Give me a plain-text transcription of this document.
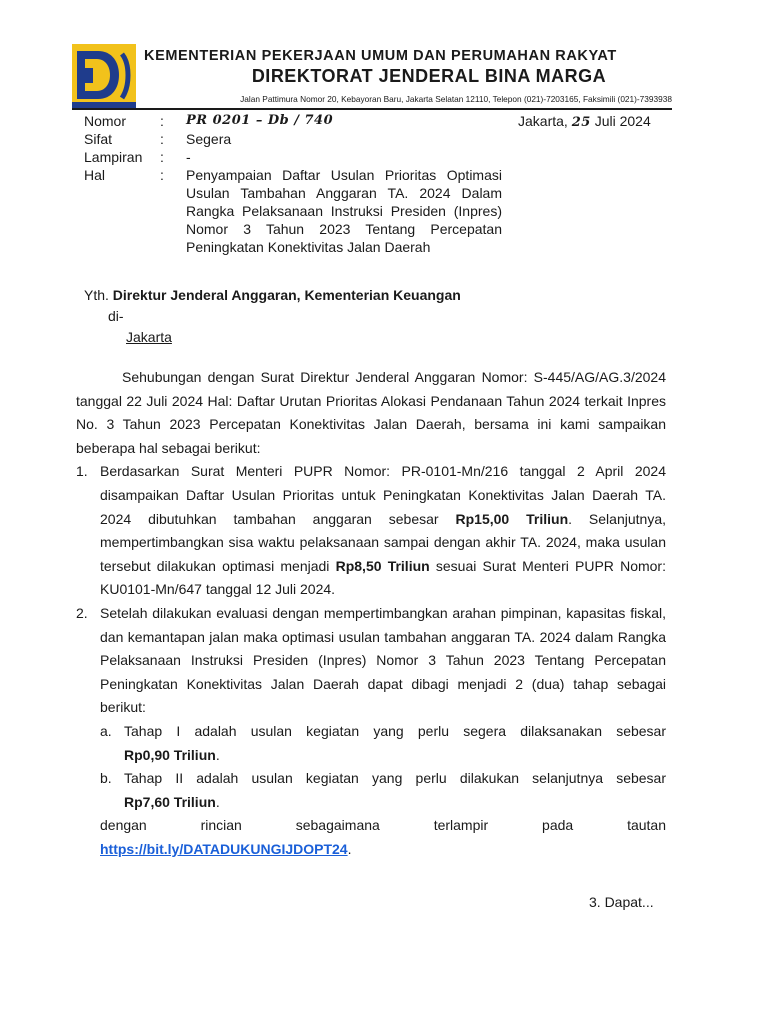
KEMENTERIAN PEKERJAAN UMUM DAN PERUMAHAN RAKYAT
DIREKTORAT JENDERAL BINA MARGA
Jalan Pattimura Nomor 20, Kebayoran Baru, Jakarta Selatan 12110, Telepon (021)-7203165, Faksimili (021)-7393938
Nomor	:	PR 0201 – Db / 740
Sifat	:	Segera
Lampiran	:	-
Hal	:	Penyampaian Daftar Usulan Prioritas Optimasi
Usulan Tambahan Anggaran TA. 2024 Dalam
Rangka Pelaksanaan Instruksi Presiden (Inpres)
Nomor 3 Tahun 2023 Tentang Percepatan
Peningkatan Konektivitas Jalan Daerah
Jakarta, 25 Juli 2024
Yth. Direktur Jenderal Anggaran, Kementerian Keuangan
di-
Jakarta
Sehubungan dengan Surat Direktur Jenderal Anggaran Nomor: S-445/AG/AG.3/2024 tanggal 22 Juli 2024 Hal: Daftar Urutan Prioritas Alokasi Pendanaan Tahun 2024 terkait Inpres No. 3 Tahun 2023 Percepatan Konektivitas Jalan Daerah, bersama ini kami sampaikan beberapa hal sebagai berikut:
1. Berdasarkan Surat Menteri PUPR Nomor: PR-0101-Mn/216 tanggal 2 April 2024 disampaikan Daftar Usulan Prioritas untuk Peningkatan Konektivitas Jalan Daerah TA. 2024 dibutuhkan tambahan anggaran sebesar Rp15,00 Triliun. Selanjutnya, mempertimbangkan sisa waktu pelaksanaan sampai dengan akhir TA. 2024, maka usulan tersebut dilakukan optimasi menjadi Rp8,50 Triliun sesuai Surat Menteri PUPR Nomor: KU0101-Mn/647 tanggal 12 Juli 2024.
2. Setelah dilakukan evaluasi dengan mempertimbangkan arahan pimpinan, kapasitas fiskal, dan kemantapan jalan maka optimasi usulan tambahan anggaran TA. 2024 dalam Rangka Pelaksanaan Instruksi Presiden (Inpres) Nomor 3 Tahun 2023 Tentang Percepatan Peningkatan Konektivitas Jalan Daerah dapat dibagi menjadi 2 (dua) tahap sebagai berikut:
a. Tahap I adalah usulan kegiatan yang perlu segera dilaksanakan sebesar
Rp0,90 Triliun.
b. Tahap II adalah usulan kegiatan yang perlu dilakukan selanjutnya sebesar
Rp7,60 Triliun.
dengan rincian sebagaimana terlampir pada tautan
https://bit.ly/DATADUKUNGIJDOPT24.
3. Dapat...
